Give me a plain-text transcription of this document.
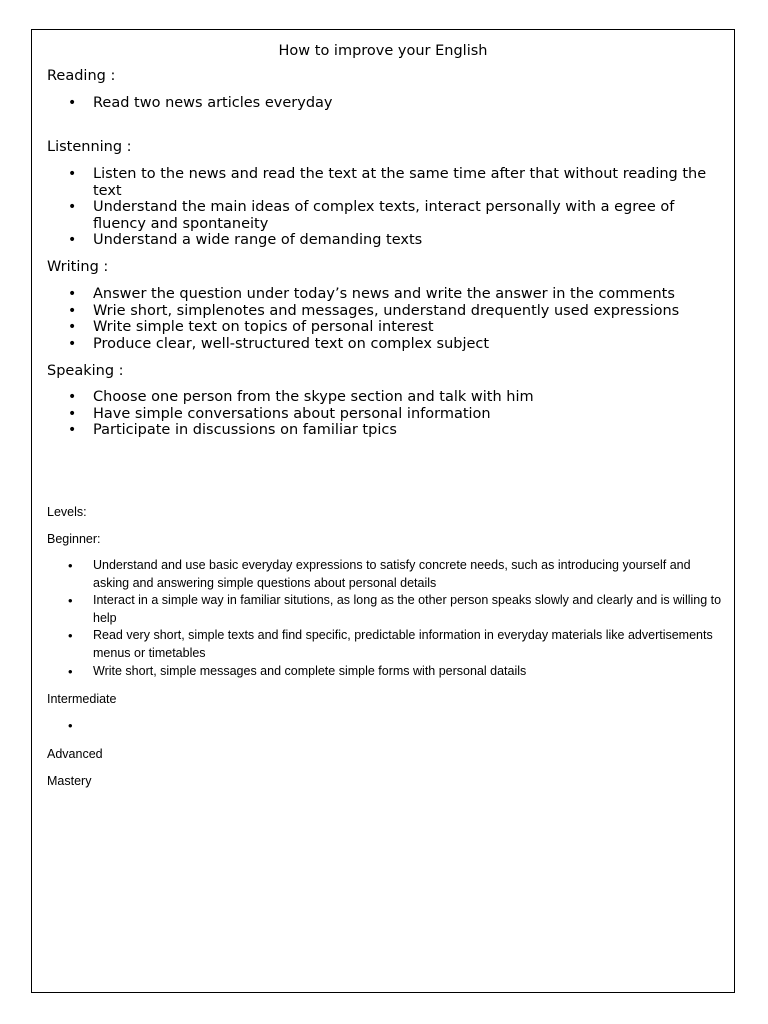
How to improve your English
Reading :
• Read two news articles everyday
Listenning :
• Listen to the news and read the text at the same time after that without reading the text
• Understand the main ideas of complex texts, interact personally with a egree of fluency and spontaneity
• Understand a wide range of demanding texts
Writing :
• Answer the question under today’s news and write the answer in the comments
• Wrie short, simplenotes and messages, understand drequently used expressions
• Write simple text on topics of personal interest
• Produce clear, well-structured text on complex subject
Speaking :
• Choose one person from the skype section and talk with him
• Have simple conversations about personal information
• Participate in discussions on familiar tpics
Levels:
Beginner:
• Understand and use basic everyday expressions to satisfy concrete needs, such as introducing yourself and asking and answering simple questions about personal details
• Interact in a simple way in familiar situtions, as long as the other person speaks slowly and clearly and is willing to help
• Read very short, simple texts and find specific, predictable information in everyday materials like advertisements menus or timetables
• Write short, simple messages and complete simple forms with personal datails
Intermediate
•
Advanced
Mastery
